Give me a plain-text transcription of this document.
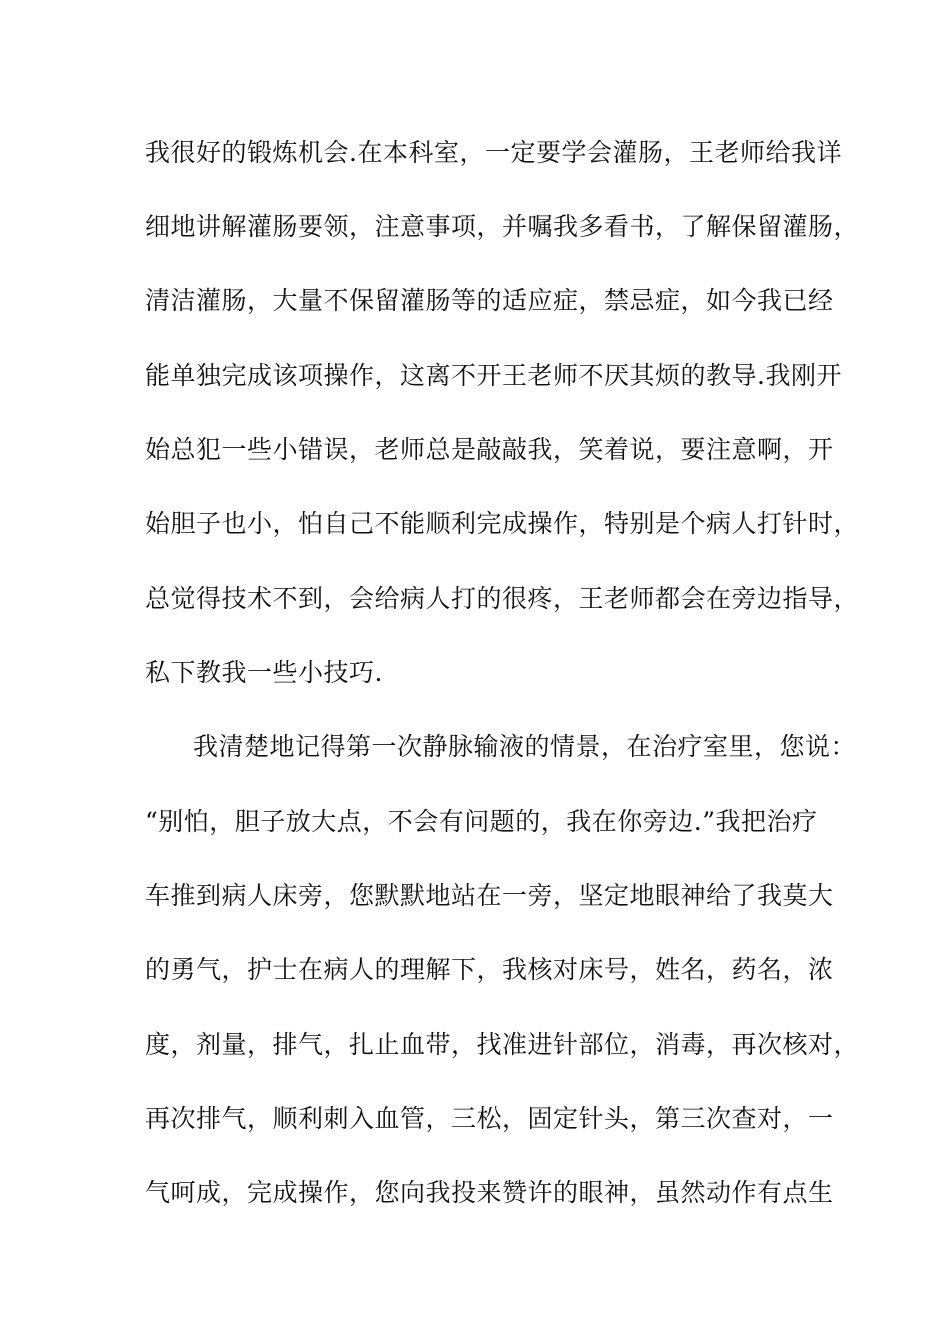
我很好的锻炼机会.在本科室，一定要学会灌肠，王老师给我详
细地讲解灌肠要领，注意事项，并嘱我多看书，了解保留灌肠，
清洁灌肠，大量不保留灌肠等的适应症，禁忌症，如今我已经
能单独完成该项操作，这离不开王老师不厌其烦的教导.我刚开
始总犯一些小错误，老师总是敲敲我，笑着说，要注意啊，开
始胆子也小，怕自己不能顺利完成操作，特别是个病人打针时，
总觉得技术不到，会给病人打的很疼，王老师都会在旁边指导，
私下教我一些小技巧.
我清楚地记得第一次静脉输液的情景，在治疗室里，您说：
“别怕，胆子放大点，不会有问题的，我在你旁边.”我把治疗
车推到病人床旁，您默默地站在一旁，坚定地眼神给了我莫大
的勇气，护士在病人的理解下，我核对床号，姓名，药名，浓
度，剂量，排气，扎止血带，找准进针部位，消毒，再次核对，
再次排气，顺利刺入血管，三松，固定针头，第三次查对，一
气呵成，完成操作，您向我投来赞许的眼神，虽然动作有点生
